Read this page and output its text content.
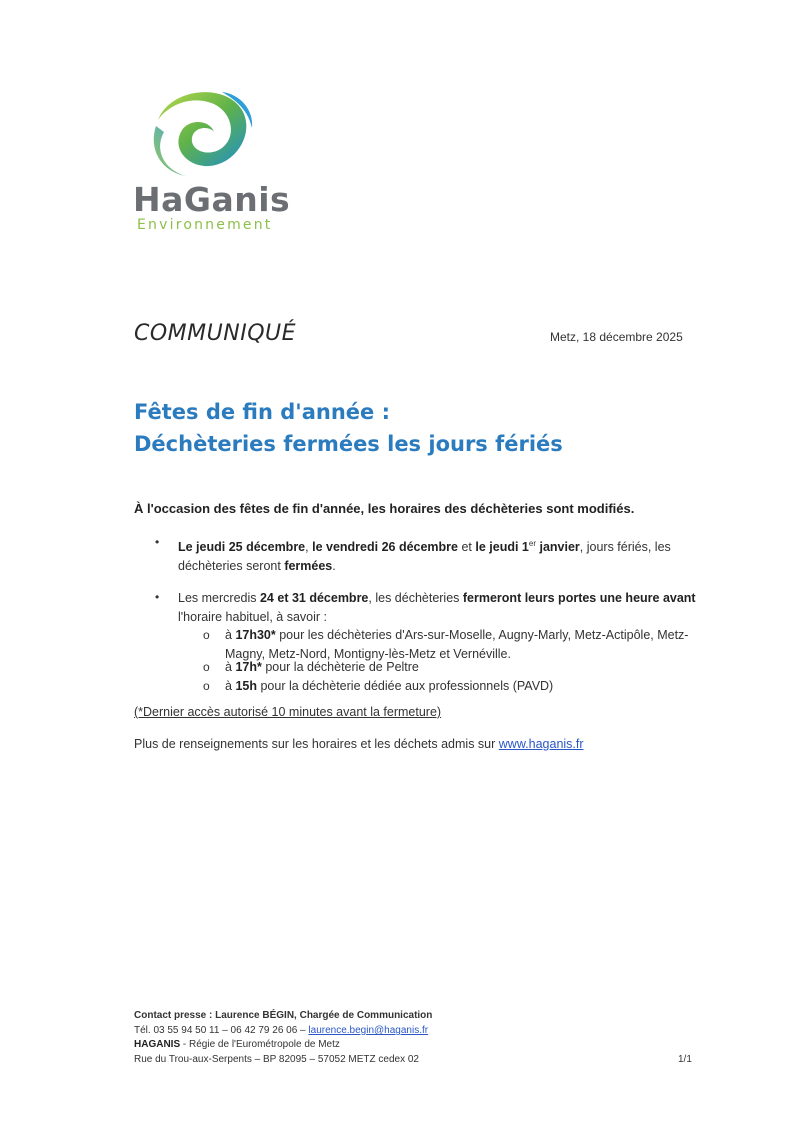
HaGanis
Environnement
COMMUNIQUÉ	Metz, 18 décembre 2025
Fêtes de fin d'année :
Déchèteries fermées les jours fériés
À l'occasion des fêtes de fin d'année, les horaires des déchèteries sont modifiés.
• Le jeudi 25 décembre, le vendredi 26 décembre et le jeudi 1er janvier, jours fériés, les déchèteries seront fermées.
• Les mercredis 24 et 31 décembre, les déchèteries fermeront leurs portes une heure avant l'horaire habituel, à savoir :
o à 17h30* pour les déchèteries d'Ars-sur-Moselle, Augny-Marly, Metz-Actipôle, Metz-Magny, Metz-Nord, Montigny-lès-Metz et Vernéville.
o à 17h* pour la déchèterie de Peltre
o à 15h pour la déchèterie dédiée aux professionnels (PAVD)
(*Dernier accès autorisé 10 minutes avant la fermeture)
Plus de renseignements sur les horaires et les déchets admis sur www.haganis.fr
Contact presse : Laurence BÉGIN, Chargée de Communication
Tél. 03 55 94 50 11 – 06 42 79 26 06 – laurence.begin@haganis.fr
HAGANIS - Régie de l'Eurométropole de Metz
Rue du Trou-aux-Serpents – BP 82095 – 57052 METZ cedex 02	1/1
